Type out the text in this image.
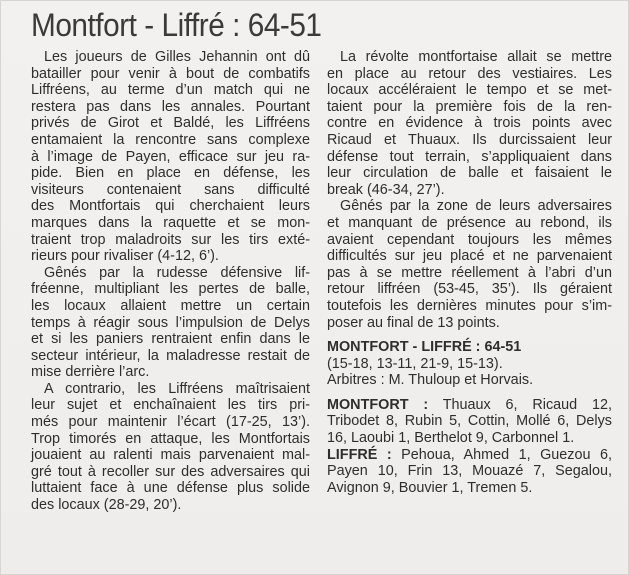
Montfort - Liffré : 64-51
Les joueurs de Gilles Jehannin ont dû
batailler pour venir à bout de combatifs
Liffréens, au terme d’un match qui ne
restera pas dans les annales. Pourtant
privés de Girot et Baldé, les Liffréens
entamaient la rencontre sans complexe
à l’image de Payen, efficace sur jeu ra-
pide. Bien en place en défense, les
visiteurs contenaient sans difficulté
des Montfortais qui cherchaient leurs
marques dans la raquette et se mon-
traient trop maladroits sur les tirs exté-
rieurs pour rivaliser (4-12, 6’).
Gênés par la rudesse défensive lif-
fréenne, multipliant les pertes de balle,
les locaux allaient mettre un certain
temps à réagir sous l’impulsion de Delys
et si les paniers rentraient enfin dans le
secteur intérieur, la maladresse restait de
mise derrière l’arc.
A contrario, les Liffréens maîtrisaient
leur sujet et enchaînaient les tirs pri-
més pour maintenir l’écart (17-25, 13’).
Trop timorés en attaque, les Montfortais
jouaient au ralenti mais parvenaient mal-
gré tout à recoller sur des adversaires qui
luttaient face à une défense plus solide
des locaux (28-29, 20’).
La révolte montfortaise allait se mettre
en place au retour des vestiaires. Les
locaux accéléraient le tempo et se met-
taient pour la première fois de la ren-
contre en évidence à trois points avec
Ricaud et Thuaux. Ils durcissaient leur
défense tout terrain, s’appliquaient dans
leur circulation de balle et faisaient le
break (46-34, 27’).
Gênés par la zone de leurs adversaires
et manquant de présence au rebond, ils
avaient cependant toujours les mêmes
difficultés sur jeu placé et ne parvenaient
pas à se mettre réellement à l’abri d’un
retour liffréen (53-45, 35’). Ils géraient
toutefois les dernières minutes pour s’im-
poser au final de 13 points.
MONTFORT - LIFFRÉ : 64-51
(15-18, 13-11, 21-9, 15-13).
Arbitres : M. Thuloup et Horvais.
MONTFORT : Thuaux 6, Ricaud 12,
Tribodet 8, Rubin 5, Cottin, Mollé 6, Delys
16, Laoubi 1, Berthelot 9, Carbonnel 1.
LIFFRÉ : Pehoua, Ahmed 1, Guezou 6,
Payen 10, Frin 13, Mouazé 7, Segalou,
Avignon 9, Bouvier 1, Tremen 5.
